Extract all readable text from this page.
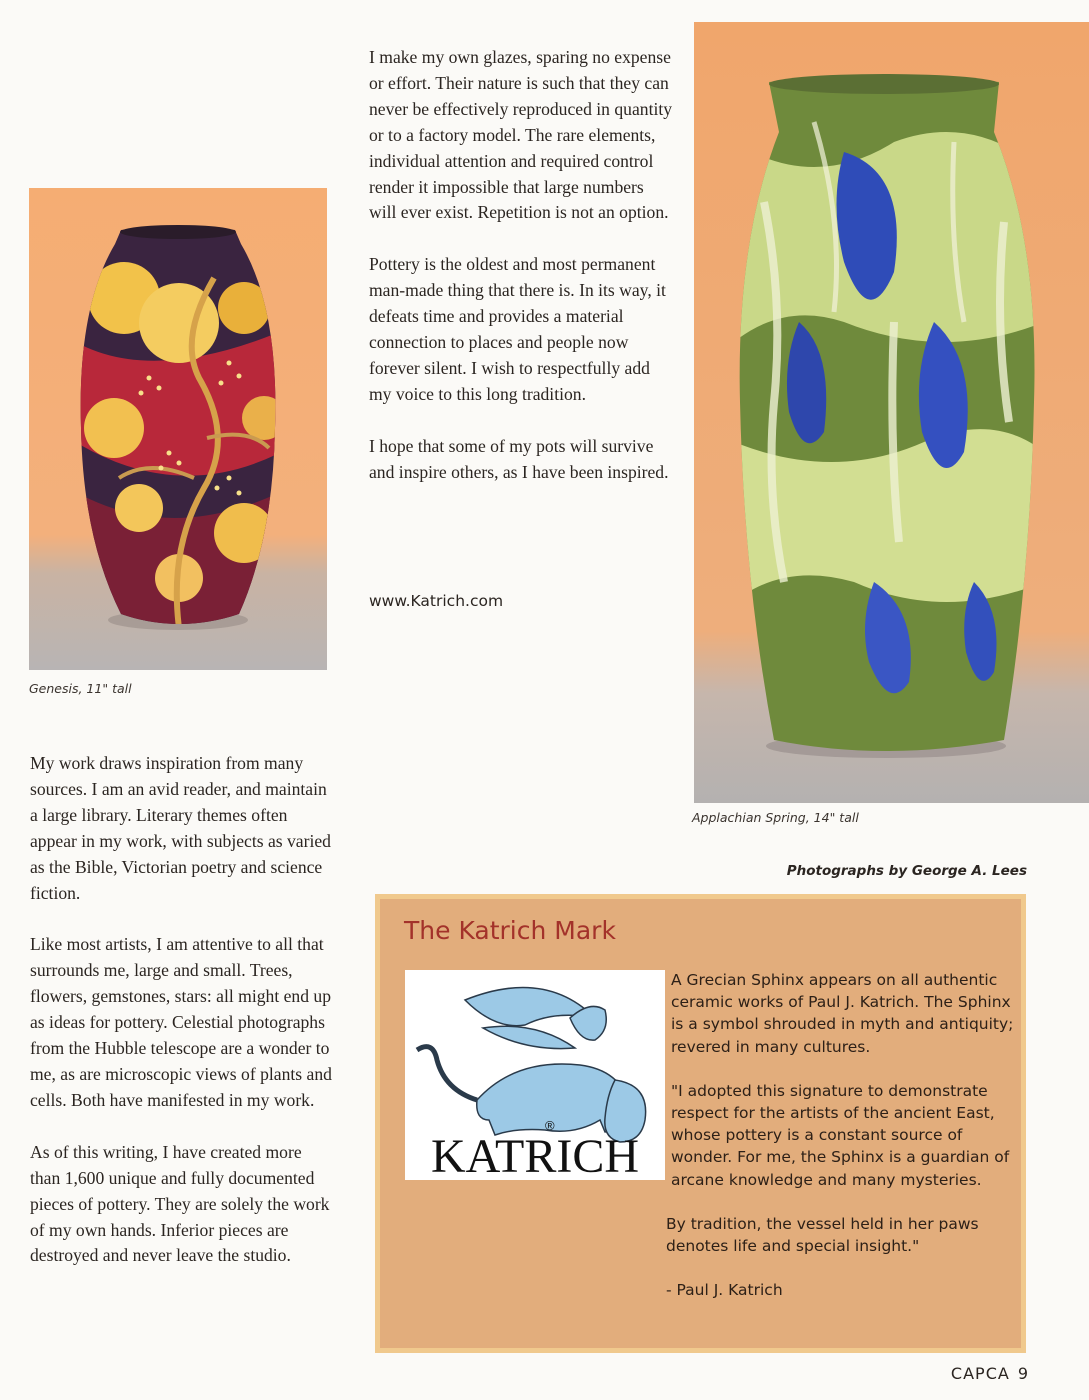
Genesis, 11" tall
Applachian Spring, 14" tall

I make my own glazes, sparing no expense or effort. Their nature is such that they can never be effectively reproduced in quantity or to a factory model. The rare elements, individual attention and required control render it impossible that large numbers will ever exist. Repetition is not an option.

Pottery is the oldest and most permanent man-made thing that there is. In its way, it defeats time and provides a material connection to places and people now forever silent. I wish to respectfully add my voice to this long tradition.

I hope that some of my pots will survive and inspire others, as I have been inspired.

www.Katrich.com

My work draws inspiration from many sources. I am an avid reader, and maintain a large library. Literary themes often appear in my work, with subjects as varied as the Bible, Victorian poetry and science fiction.

Like most artists, I am attentive to all that surrounds me, large and small. Trees, flowers, gemstones, stars: all might end up as ideas for pottery. Celestial photographs from the Hubble telescope are a wonder to me, as are microscopic views of plants and cells. Both have manifested in my work.

As of this writing, I have created more than 1,600 unique and fully documented pieces of pottery. They are solely the work of my own hands. Inferior pieces are destroyed and never leave the studio.

Photographs by George A. Lees
The Katrich Mark
KATRICH
®

A Grecian Sphinx appears on all authentic ceramic works of Paul J. Katrich. The Sphinx is a symbol shrouded in myth and antiquity; revered in many cultures.

"I adopted this signature to demonstrate respect for the artists of the ancient East, whose pottery is a constant source of wonder. For me, the Sphinx is a guardian of arcane knowledge and many mysteries.

By tradition, the vessel held in her paws denotes life and special insight."

- Paul J. Katrich

CAPCA 9
